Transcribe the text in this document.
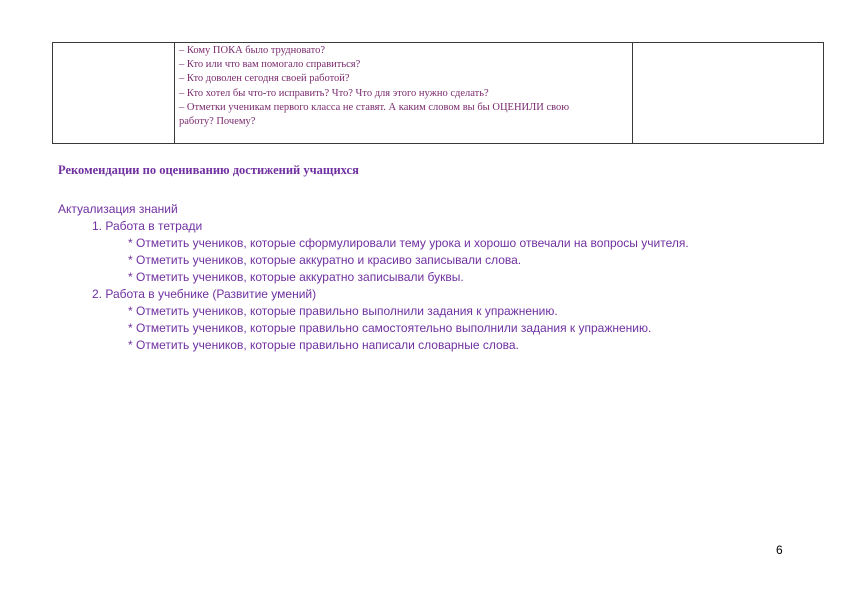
– Кому ПОКА было трудновато?
– Кто или что вам помогало справиться?
– Кто доволен сегодня своей работой?
– Кто хотел бы что-то исправить? Что? Что для этого нужно сделать?
– Отметки ученикам первого класса не ставят. А каким словом вы бы ОЦЕНИЛИ свою
работу? Почему?

Рекомендации по оцениванию достижений учащихся
Актуализация знаний
1. Работа в тетради
* Отметить учеников, которые сформулировали тему урока и хорошо отвечали на вопросы учителя.
* Отметить учеников, которые аккуратно и красиво записывали слова.
* Отметить учеников, которые аккуратно записывали буквы.
2. Работа в учебнике (Развитие умений)
* Отметить учеников, которые правильно выполнили задания к упражнению.
* Отметить учеников, которые правильно самостоятельно выполнили задания к упражнению.
* Отметить учеников, которые правильно написали словарные слова.
6
